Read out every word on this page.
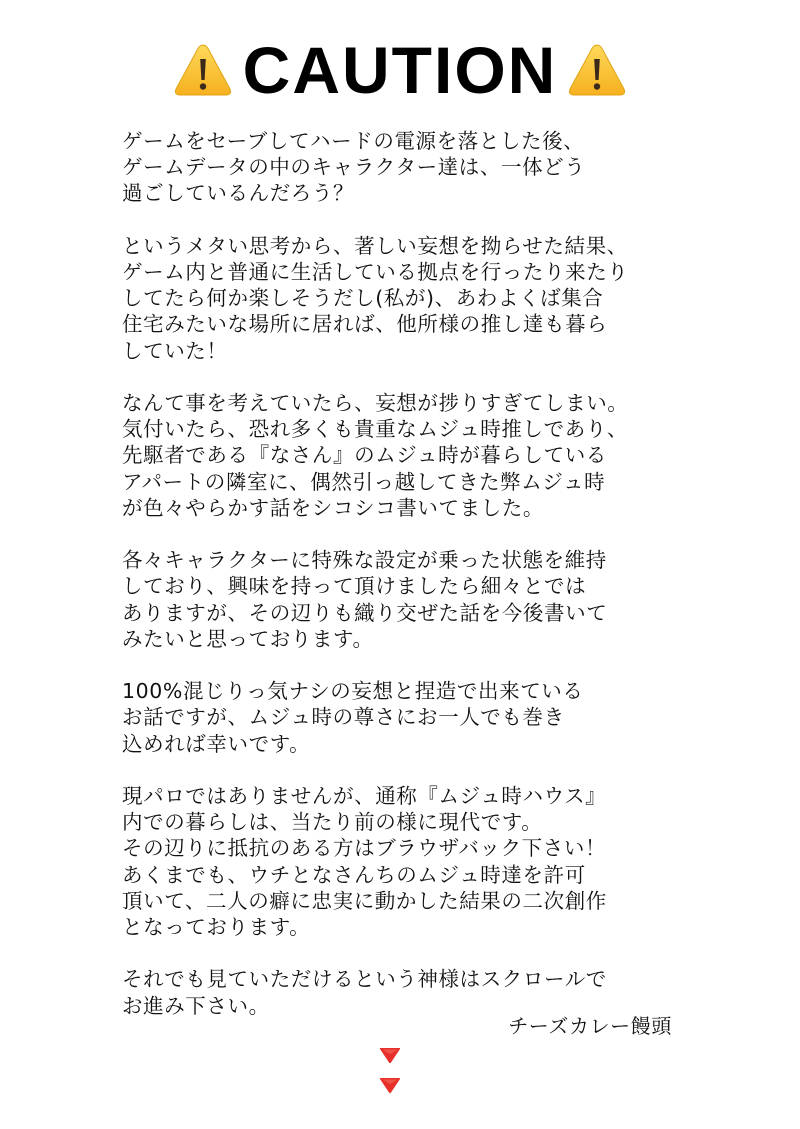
CAUTION

ゲームをセーブしてハードの電源を落とした後、
ゲームデータの中のキャラクター達は、一体どう
過ごしているんだろう？

というメタい思考から、著しい妄想を拗らせた結果、
ゲーム内と普通に生活している拠点を行ったり来たり
してたら何か楽しそうだし(私が)、あわよくば集合
住宅みたいな場所に居れば、他所様の推し達も暮ら
していた！

なんて事を考えていたら、妄想が捗りすぎてしまい。
気付いたら、恐れ多くも貴重なムジュ時推しであり、
先駆者である『なさん』のムジュ時が暮らしている
アパートの隣室に、偶然引っ越してきた弊ムジュ時
が色々やらかす話をシコシコ書いてました。

各々キャラクターに特殊な設定が乗った状態を維持
しており、興味を持って頂けましたら細々とでは
ありますが、その辺りも織り交ぜた話を今後書いて
みたいと思っております。

100%混じりっ気ナシの妄想と捏造で出来ている
お話ですが、ムジュ時の尊さにお一人でも巻き
込めれば幸いです。

現パロではありませんが、通称『ムジュ時ハウス』
内での暮らしは、当たり前の様に現代です。
その辺りに抵抗のある方はブラウザバック下さい！
あくまでも、ウチとなさんちのムジュ時達を許可
頂いて、二人の癖に忠実に動かした結果の二次創作
となっております。

それでも見ていただけるという神様はスクロールで
お進み下さい。

チーズカレー饅頭
